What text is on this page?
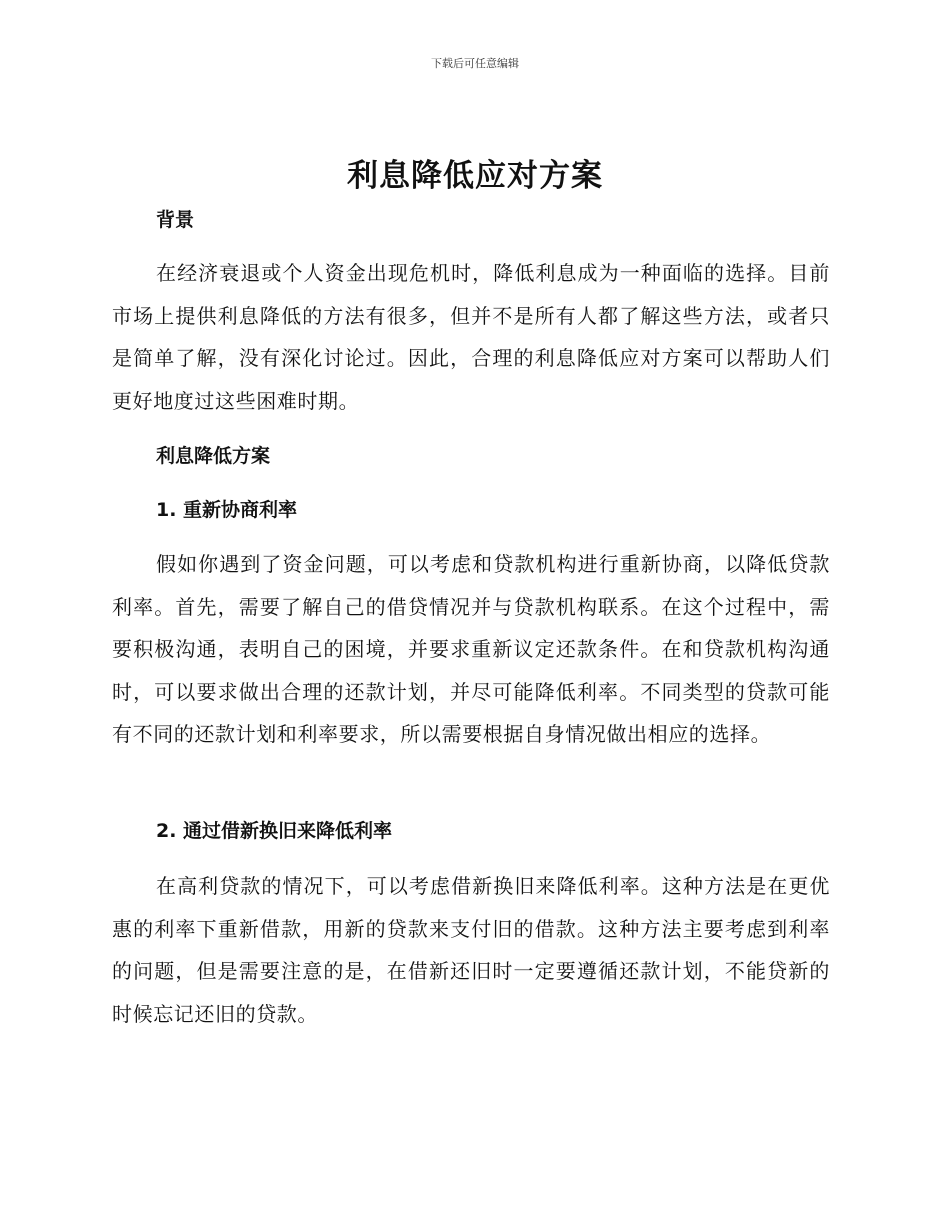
下载后可任意编辑
利息降低应对方案
背景

在经济衰退或个人资金出现危机时，降低利息成为一种面临的选择。目前市场上提供利息降低的方法有很多，但并不是所有人都了解这些方法，或者只是简单了解，没有深化讨论过。因此，合理的利息降低应对方案可以帮助人们更好地度过这些困难时期。

利息降低方案
1. 重新协商利率

假如你遇到了资金问题，可以考虑和贷款机构进行重新协商，以降低贷款利率。首先，需要了解自己的借贷情况并与贷款机构联系。在这个过程中，需要积极沟通，表明自己的困境，并要求重新议定还款条件。在和贷款机构沟通时，可以要求做出合理的还款计划，并尽可能降低利率。不同类型的贷款可能有不同的还款计划和利率要求，所以需要根据自身情况做出相应的选择。

2. 通过借新换旧来降低利率

在高利贷款的情况下，可以考虑借新换旧来降低利率。这种方法是在更优惠的利率下重新借款，用新的贷款来支付旧的借款。这种方法主要考虑到利率的问题，但是需要注意的是，在借新还旧时一定要遵循还款计划，不能贷新的时候忘记还旧的贷款。
